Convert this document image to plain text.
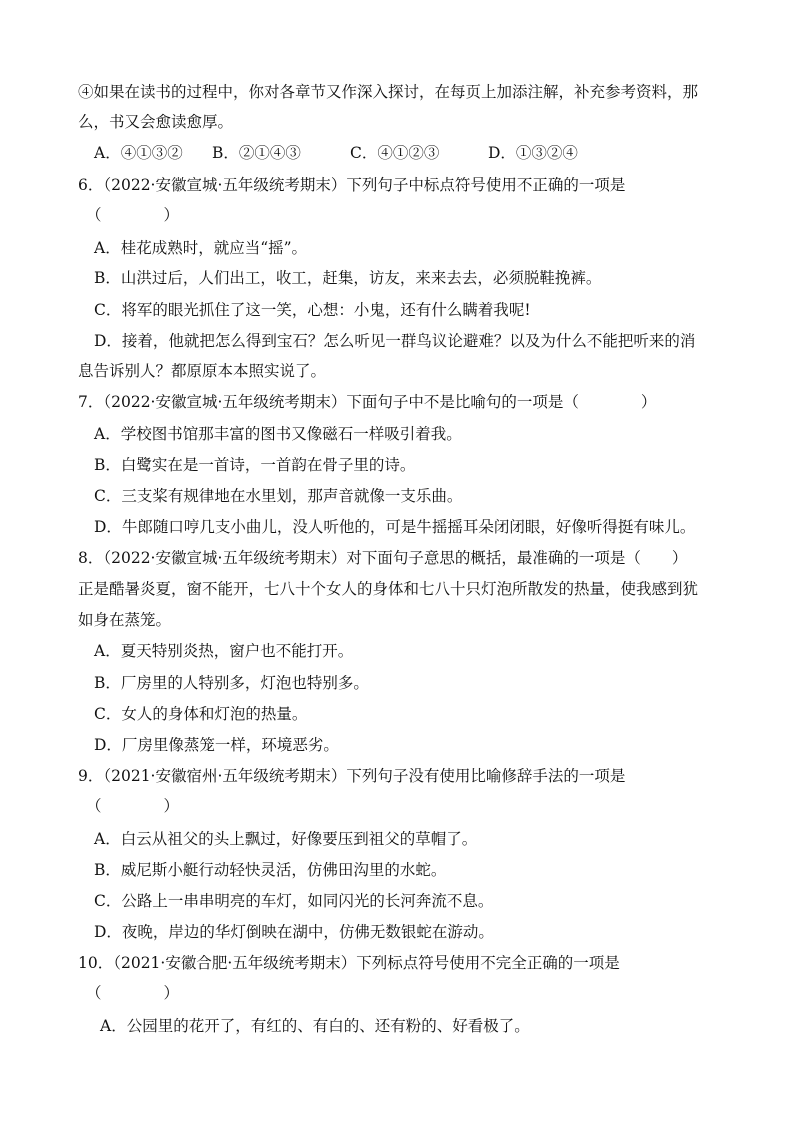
④如果在读书的过程中，你对各章节又作深入探讨，在每页上加添注解，补充参考资料，那
么，书又会愈读愈厚。
A．④①③② B．②①④③	C．④①②③	D．①③②④
6．（2022·安徽宣城·五年级统考期末）下列句子中标点符号使用不正确的一项是
（　　　　）
A．桂花成熟时，就应当“摇”。
B．山洪过后，人们出工，收工，赶集，访友，来来去去，必须脱鞋挽裤。
C．将军的眼光抓住了这一笑，心想：小鬼，还有什么瞒着我呢!
D．接着，他就把怎么得到宝石？怎么听见一群鸟议论避难？以及为什么不能把听来的消
息告诉别人？都原原本本照实说了。
7．（2022·安徽宣城·五年级统考期末）下面句子中不是比喻句的一项是（　　　　）
A．学校图书馆那丰富的图书又像磁石一样吸引着我。
B．白鹭实在是一首诗，一首韵在骨子里的诗。
C．三支桨有规律地在水里划，那声音就像一支乐曲。
D．牛郎随口哼几支小曲儿，没人听他的，可是牛摇摇耳朵闭闭眼，好像听得挺有味儿。
8．（2022·安徽宣城·五年级统考期末）对下面句子意思的概括，最准确的一项是（　　）
正是酷暑炎夏，窗不能开，七八十个女人的身体和七八十只灯泡所散发的热量，使我感到犹
如身在蒸笼。
A．夏天特别炎热，窗户也不能打开。
B．厂房里的人特别多，灯泡也特别多。
C．女人的身体和灯泡的热量。
D．厂房里像蒸笼一样，环境恶劣。
9．（2021·安徽宿州·五年级统考期末）下列句子没有使用比喻修辞手法的一项是
（　　　　）
A．白云从祖父的头上飘过，好像要压到祖父的草帽了。
B．威尼斯小艇行动轻快灵活，仿佛田沟里的水蛇。
C．公路上一串串明亮的车灯，如同闪光的长河奔流不息。
D．夜晚，岸边的华灯倒映在湖中，仿佛无数银蛇在游动。
10．（2021·安徽合肥·五年级统考期末）下列标点符号使用不完全正确的一项是
（　　　　）
A．公园里的花开了，有红的、有白的、还有粉的、好看极了。
